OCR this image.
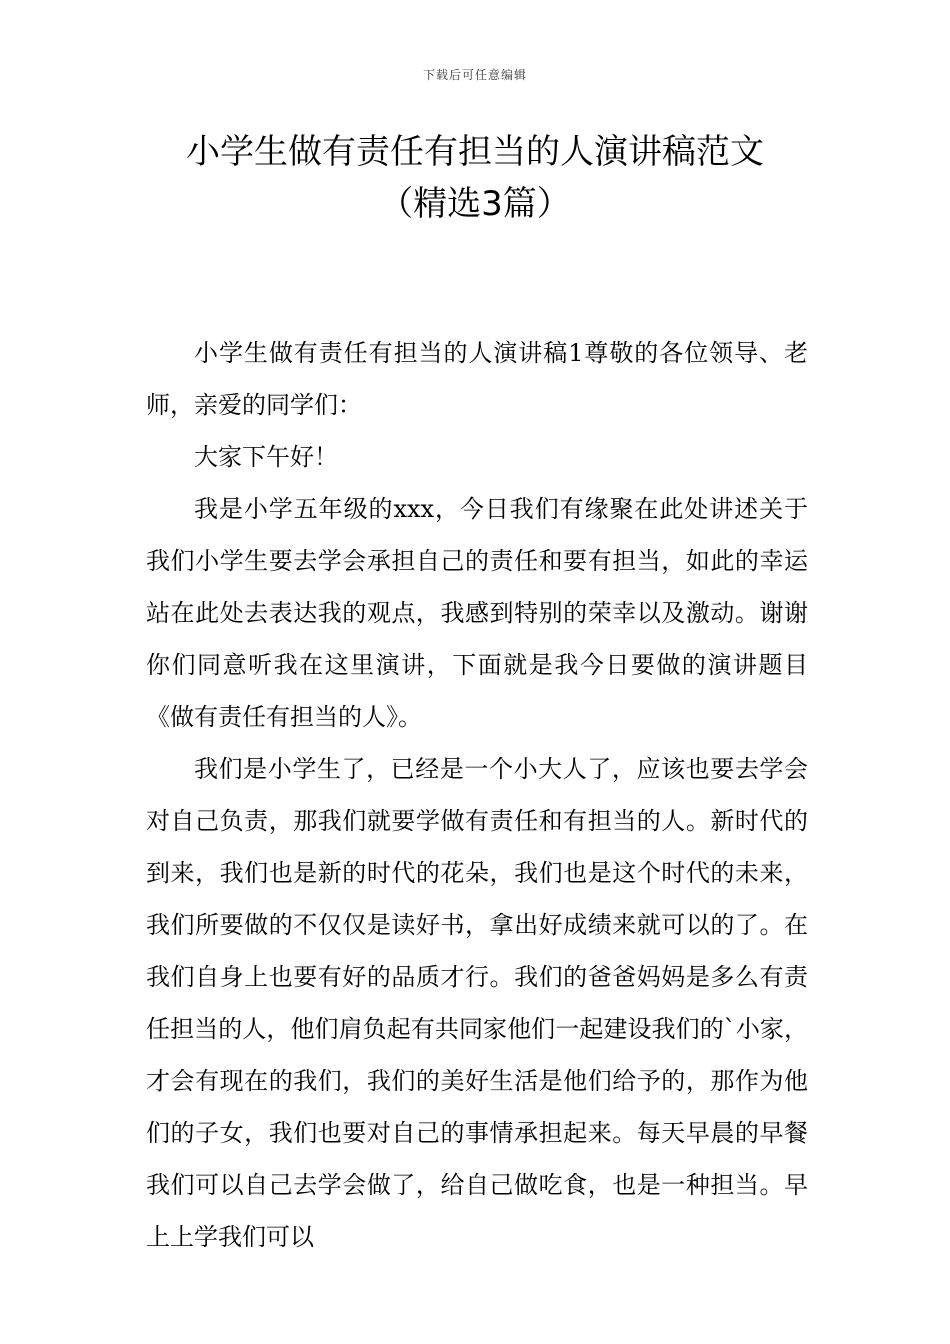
下载后可任意编辑
小学生做有责任有担当的人演讲稿范文
（精选3篇）

小学生做有责任有担当的人演讲稿1尊敬的各位领导、老师，亲爱的同学们：

大家下午好！

我是小学五年级的xxx，今日我们有缘聚在此处讲述关于我们小学生要去学会承担自己的责任和要有担当，如此的幸运站在此处去表达我的观点，我感到特别的荣幸以及激动。谢谢你们同意听我在这里演讲，下面就是我今日要做的演讲题目《做有责任有担当的人》。

我们是小学生了，已经是一个小大人了，应该也要去学会对自己负责，那我们就要学做有责任和有担当的人。新时代的到来，我们也是新的时代的花朵，我们也是这个时代的未来，我们所要做的不仅仅是读好书，拿出好成绩来就可以的了。在我们自身上也要有好的品质才行。我们的爸爸妈妈是多么有责任担当的人，他们肩负起有共同家他们一起建设我们的`小家，才会有现在的我们，我们的美好生活是他们给予的，那作为他们的子女，我们也要对自己的事情承担起来。每天早晨的早餐我们可以自己去学会做了，给自己做吃食，也是一种担当。早上上学我们可以
